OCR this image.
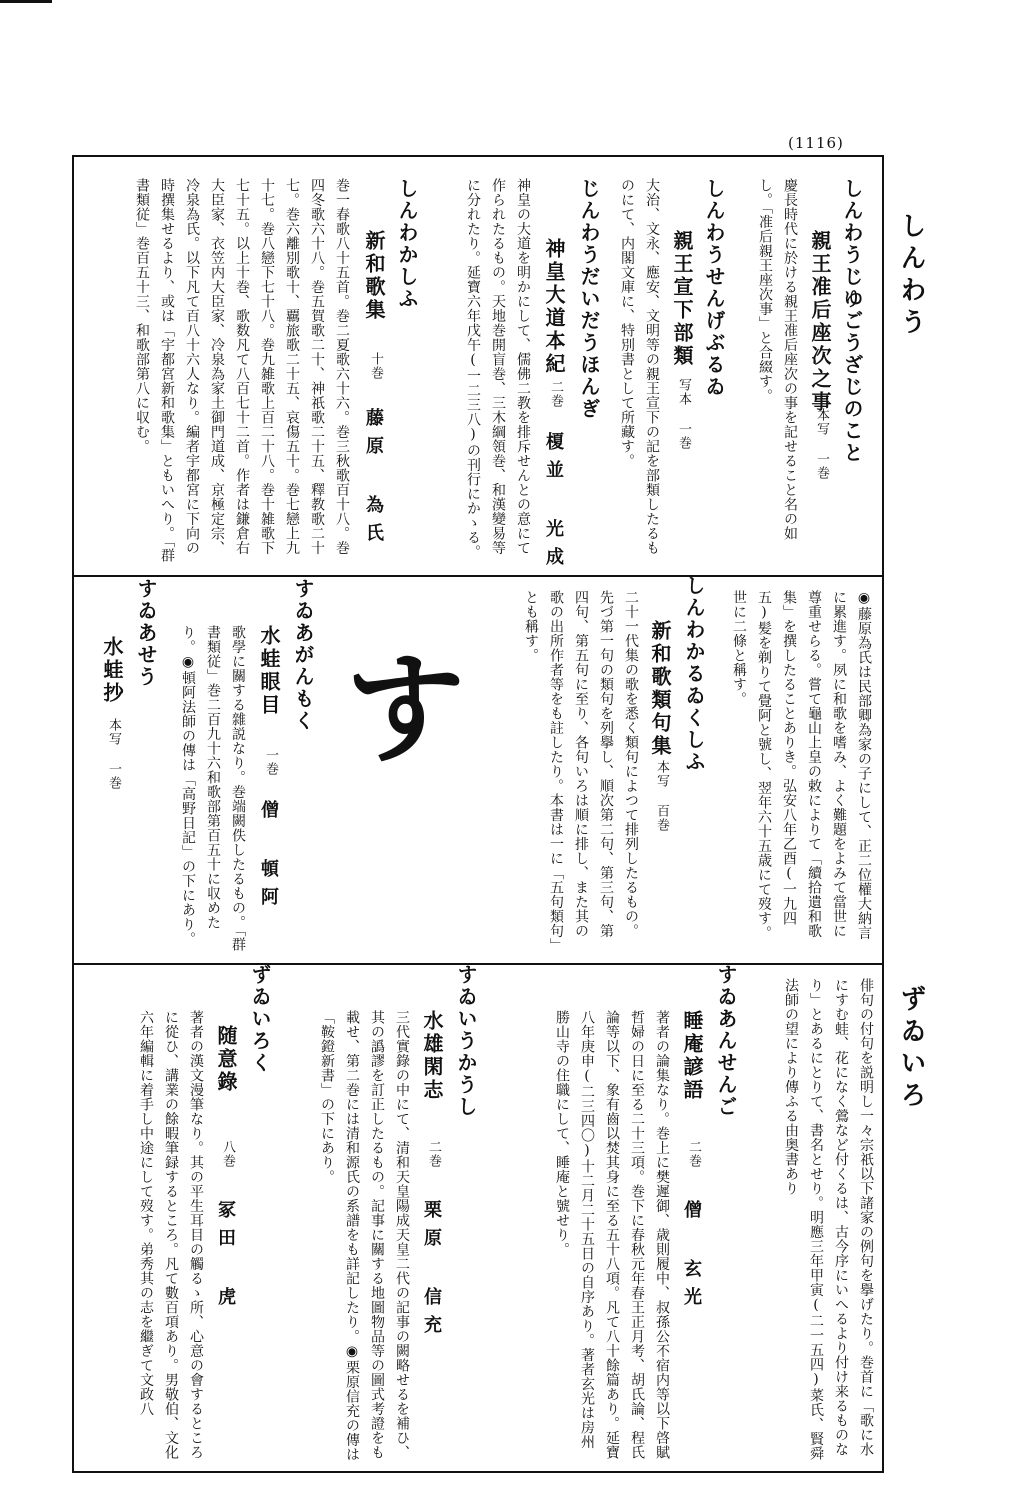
(1116)
しんわう
ずゐいろ
しんわうじゆごうざじのこと
親王准后座次之事
本写 一巻
慶長時代に於ける親王准后座次の事を記せること名の如し。「准后親王座次事」と合綴す。
しんわうせんげぶるゐ
親王宣下部類
写本 一巻
大治、文永、應安、文明等の親王宣下の記を部類したるものにて、内閣文庫に、特別書として所藏す。
じんわうだいだうほんぎ
神皇大道本紀
二巻
榎並 光成
神皇の大道を明かにして、儒佛二教を排斥せんとの意にて作られたるもの。天地巻開盲巻、三木綱領巻、和漢變易等に分れたり。延寶六年戊午(一二三八)の刊行にかゝる。
しんわかしふ
新和歌集
十巻
藤原 為氏
巻一春歌八十五首。巻二夏歌六十六。巻三秋歌百十八。巻四冬歌六十八。巻五賀歌二十、神祇歌二十五、釋教歌二十七。巻六離別歌十、覊旅歌二十五、哀傷五十。巻七戀上九十七。巻八戀下七十八。巻九雑歌上百二十八。巻十雑歌下七十五。以上十巻、歌数凡て八百七十二首。作者は鎌倉右大臣家、衣笠内大臣家、冷泉為家土御門道成、京極定宗、冷泉為氏。以下凡て百八十六人なり。編者宇都宮に下向の時撰集せるより、或は「宇都宮新和歌集」ともいへり。「群書類従」巻百五十三、和歌部第八に収む。
◉藤原為氏は民部卿為家の子にして、正二位權大納言に累進す。夙に和歌を嗜み、よく難題をよみて當世に尊重せらる。嘗て龜山上皇の敕によりて「續拾遺和歌集」を撰したることありき。弘安八年乙酉(一九四五)髪を剃りて覺阿と號し、翌年六十五歳にて歿す。世に二條と稱す。
しんわかるゐくしふ
新和歌類句集
本写 百巻
二十一代集の歌を悉く類句によつて排列したるもの。先づ第一句の類句を列擧し、順次第二句、第三句、第四句、第五句に至り、各句いろは順に排し、また其の歌の出所作者等をも註したり。本書は一に「五句類句」とも稱す。
す
すゐあがんもく
水蛙眼目
一巻
僧 頓阿
歌學に關する雜説なり。巻端闕佚したるもの。「群書類従」巻二百九十六和歌部第百五十に収めたり。◉頓阿法師の傳は「高野日記」の下にあり。
すゐあせう
水蛙抄
本写 一巻
俳句の付句を説明し一々宗祇以下諸家の例句を擧げたり。巻首に「歌に水にすむ蛙、花になく鶯など付くるは、古今序にいへるより付け来るものなり」とあるにとりて、書名とせり。明應三年甲寅(二一五四)菜氏、賢舜法師の望により傳ふる由奥書あり
すゐあんせんご
睡庵諺語
二巻
僧 玄光
著者の論集なり。巻上に樊遲御、歳則履中、叔孫公不宿内等以下啓賦哲婦の日に至る二十三項。巻下に春秋元年春王正月考、胡氏論、程氏論等以下、象有齒以焚其身に至る五十八項。凡て八十餘篇あり。延寶八年庚申(二三四〇)十二月二十五日の自序あり。著者玄光は房州勝山寺の住職にして、睡庵と號せり。
すゐいうかうし
水雄閑志
二巻
栗原 信充
三代實錄の中にて、清和天皇陽成天皇二代の記事の闕略せるを補ひ、其の譌謬を訂正したるもの。記事に關する地圖物品等の圖式考證をも載せ、第二巻には清和源氏の系譜をも詳記したり。◉栗原信充の傳は「鞍鐙新書」の下にあり。
ずゐいろく
随意錄
八巻
冢田 虎
著者の漢文漫筆なり。其の平生耳目の觸るゝ所、心意の會するところに從ひ、講業の餘暇筆録するところ。凡て數百項あり。男敬伯、文化六年編輯に着手し中途にして歿す。弟秀其の志を繼ぎて文政八
